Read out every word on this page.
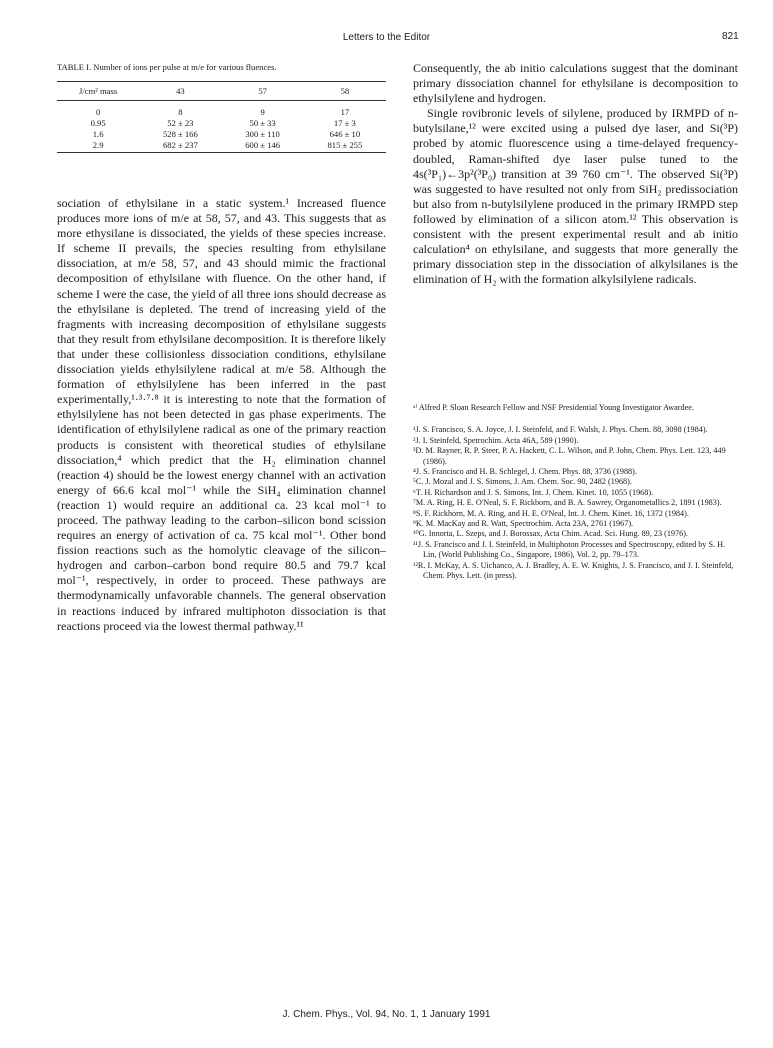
Letters to the Editor	821

TABLE I. Number of ions per pulse at m/e for various fluences.

J/cm² mass	43	57	58
0	8	9	17
0.95	52 ± 23	50 ± 33	17 ± 3
1.6	528 ± 166	300 ± 110	646 ± 10
2.9	682 ± 237	600 ± 146	815 ± 255

sociation of ethylsilane in a static system.¹ Increased fluence produces more ions of m/e at 58, 57, and 43. This suggests that as more ethysilane is dissociated, the yields of these species increase. If scheme II prevails, the species resulting from ethylsilane dissociation, at m/e 58, 57, and 43 should mimic the fractional decomposition of ethylsilane with fluence. On the other hand, if scheme I were the case, the yield of all three ions should decrease as the ethylsilane is depleted. The trend of increasing yield of the fragments with increasing decomposition of ethylsilane suggests that they result from ethylsilane decomposition. It is therefore likely that under these collisionless dissociation conditions, ethylsilane dissociation yields ethylsilylene radical at m/e 58. Although the formation of ethylsilylene has been inferred in the past experimentally,¹·³·⁷·⁸ it is interesting to note that the formation of ethylsilylene has not been detected in gas phase experiments. The identification of ethylsilylene radical as one of the primary reaction products is consistent with theoretical studies of ethylsilane dissociation,⁴ which predict that the H₂ elimination channel (reaction 4) should be the lowest energy channel with an activation energy of 66.6 kcal mol⁻¹ while the SiH₄ elimination channel (reaction 1) would require an additional ca. 23 kcal mol⁻¹ to proceed. The pathway leading to the carbon–silicon bond scission requires an energy of activation of ca. 75 kcal mol⁻¹. Other bond fission reactions such as the homolytic cleavage of the silicon–hydrogen and carbon–carbon bond require 80.5 and 79.7 kcal mol⁻¹, respectively, in order to proceed. These pathways are thermodynamically unfavorable channels. The general observation in reactions induced by infrared multiphoton dissociation is that reactions proceed via the lowest thermal pathway.¹¹

Consequently, the ab initio calculations suggest that the dominant primary dissociation channel for ethylsilane is decomposition to ethylsilylene and hydrogen.

Single rovibronic levels of silylene, produced by IRMPD of n-butylsilane,¹² were excited using a pulsed dye laser, and Si(³P) probed by atomic fluorescence using a time-delayed frequency-doubled, Raman-shifted dye laser pulse tuned to the 4s(³P₁)←3p²(³P₀) transition at 39 760 cm⁻¹. The observed Si(³P) was suggested to have resulted not only from SiH₂ predissociation but also from n-butylsilylene produced in the primary IRMPD step followed by elimination of a silicon atom.¹² This observation is consistent with the present experimental result and ab initio calculation⁴ on ethylsilane, and suggests that more generally the primary dissociation step in the dissociation of alkylsilanes is the elimination of H₂ with the formation alkylsilylene radicals.

ᵃ⁾ Alfred P. Sloan Research Fellow and NSF Presidential Young Investigator Awardee.

¹J. S. Francisco, S. A. Joyce, J. I. Steinfeld, and F. Walsh, J. Phys. Chem. 88, 3098 (1984).

²J. I. Steinfeld, Spetrochim. Acta 46A, 589 (1990).

³D. M. Rayner, R. P. Steer, P. A. Hackett, C. L. Wilson, and P. John, Chem. Phys. Lett. 123, 449 (1986).

⁴J. S. Francisco and H. B. Schlegel, J. Chem. Phys. 88, 3736 (1988).

⁵C. J. Mozal and J. S. Simons, J. Am. Chem. Soc. 90, 2482 (1968).

⁶T. H. Richardson and J. S. Simons, Int. J. Chem. Kinet. 10, 1055 (1968).

⁷M. A. Ring, H. E. O'Neal, S. F. Rickborn, and B. A. Sawrey, Organometallics 2, 1891 (1983).

⁸S. F. Rickhorn, M. A. Ring, and H. E. O'Neal, Int. J. Chem. Kinet. 16, 1372 (1984).

⁹K. M. MacKay and R. Watt, Spectrochim. Acta 23A, 2761 (1967).

¹⁰G. Innorta, L. Szeps, and J. Borossax, Acta Chim. Acad. Sci. Hung. 89, 23 (1976).

¹¹J. S. Francisco and J. I. Steinfeld, in Multiphoton Processes and Spectroscopy, edited by S. H. Lin, (World Publishing Co., Singapore, 1986), Vol. 2, pp. 79–173.

¹²R. I. McKay, A. S. Uichanco, A. J. Bradley, A. E. W. Knights, J. S. Francisco, and J. I. Steinfeld, Chem. Phys. Lett. (in press).

J. Chem. Phys., Vol. 94, No. 1, 1 January 1991
